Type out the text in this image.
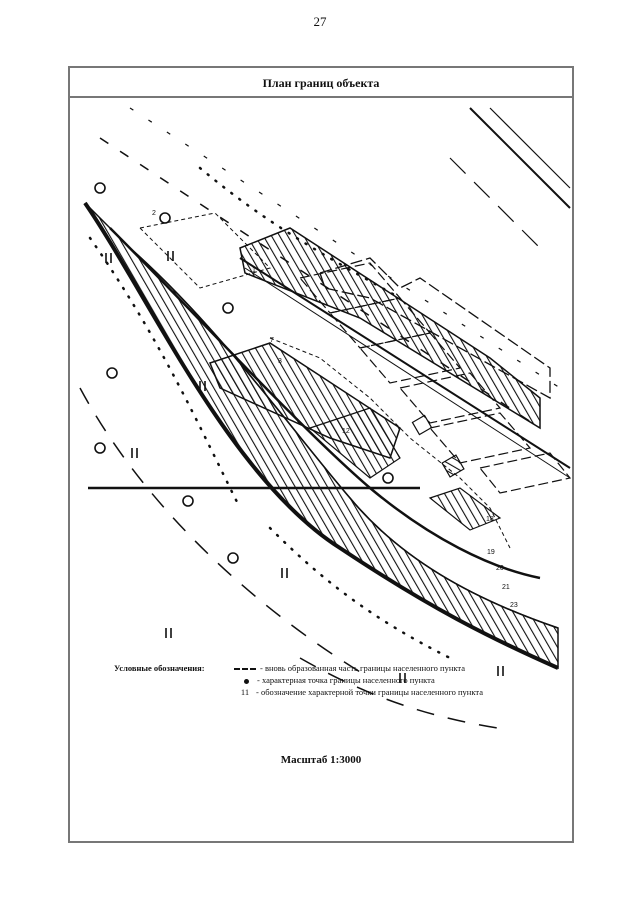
27
План границ объекта
1
2
3
7
12
18
19
20
21
23
Условные обозначения:	- вновь образованная часть границы населенного пункта
- характерная точка границы населенного пункта
11 - обозначение характерной точки границы населенного пункта
Масштаб 1:3000
